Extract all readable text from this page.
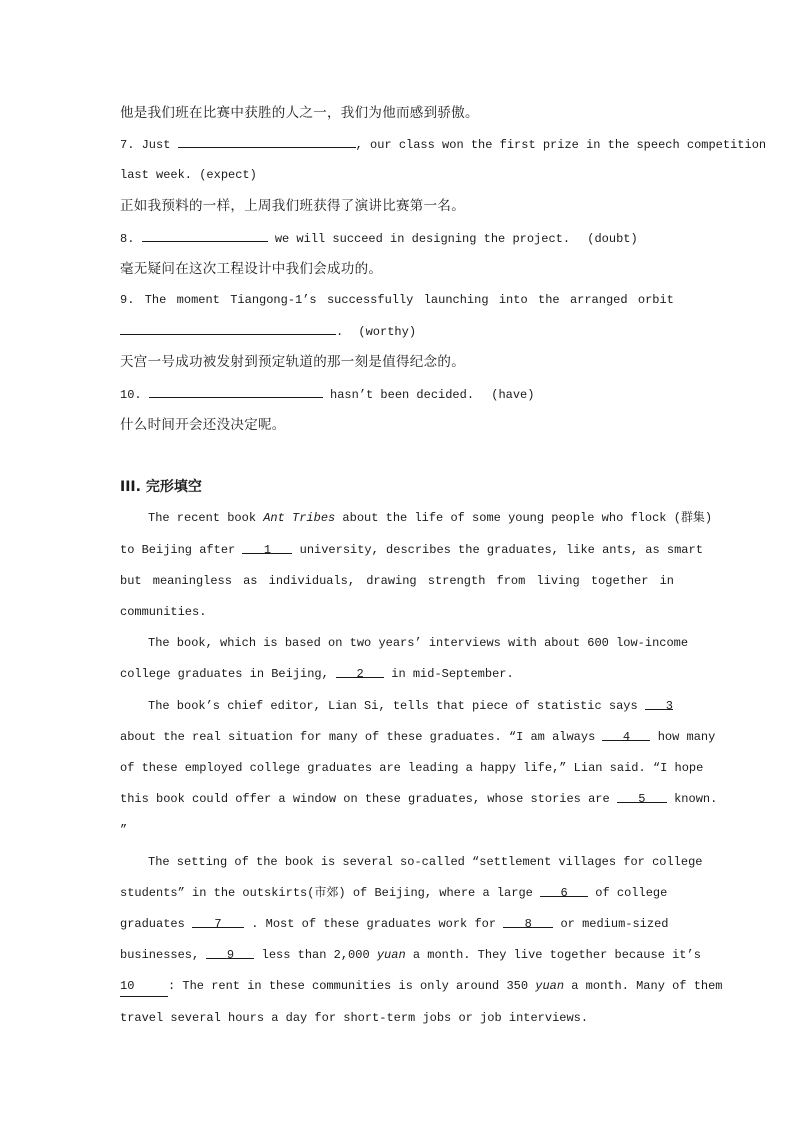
他是我们班在比赛中获胜的人之一，我们为他而感到骄傲。
7. Just	, our class won the first prize in the speech competition
last week. (expect)
正如我预料的一样，上周我们班获得了演讲比赛第一名。
8.	we will succeed in designing the project. (doubt)
毫无疑问在这次工程设计中我们会成功的。
9. The moment Tiangong-1’s successfully launching into the arranged orbit
. (worthy)
天宫一号成功被发射到预定轨道的那一刻是值得纪念的。
10.	hasn’t been decided. (have)
什么时间开会还没决定呢。
III. 完形填空
The recent book Ant Tribes about the life of some young people who flock (群集)
to Beijing after 1 university, describes the graduates, like ants, as smart
but meaningless as individuals, drawing strength from living together in
communities.
The book, which is based on two years’ interviews with about 600 low-income
college graduates in Beijing, 2 in mid-September.
The book’s chief editor, Lian Si, tells that piece of statistic says 3
about the real situation for many of these graduates. “I am always 4 how many
of these employed college graduates are leading a happy life,” Lian said. “I hope
this book could offer a window on these graduates, whose stories are 5 known.
”
The setting of the book is several so-called “settlement villages for college
students” in the outskirts(市郊) of Beijing, where a large 6 of college
graduates 7 . Most of these graduates work for 8 or medium-sized
businesses, 9 less than 2,000 yuan a month. They live together because it’s
10	: The rent in these communities is only around 350 yuan a month. Many of them
travel several hours a day for short-term jobs or job interviews.
